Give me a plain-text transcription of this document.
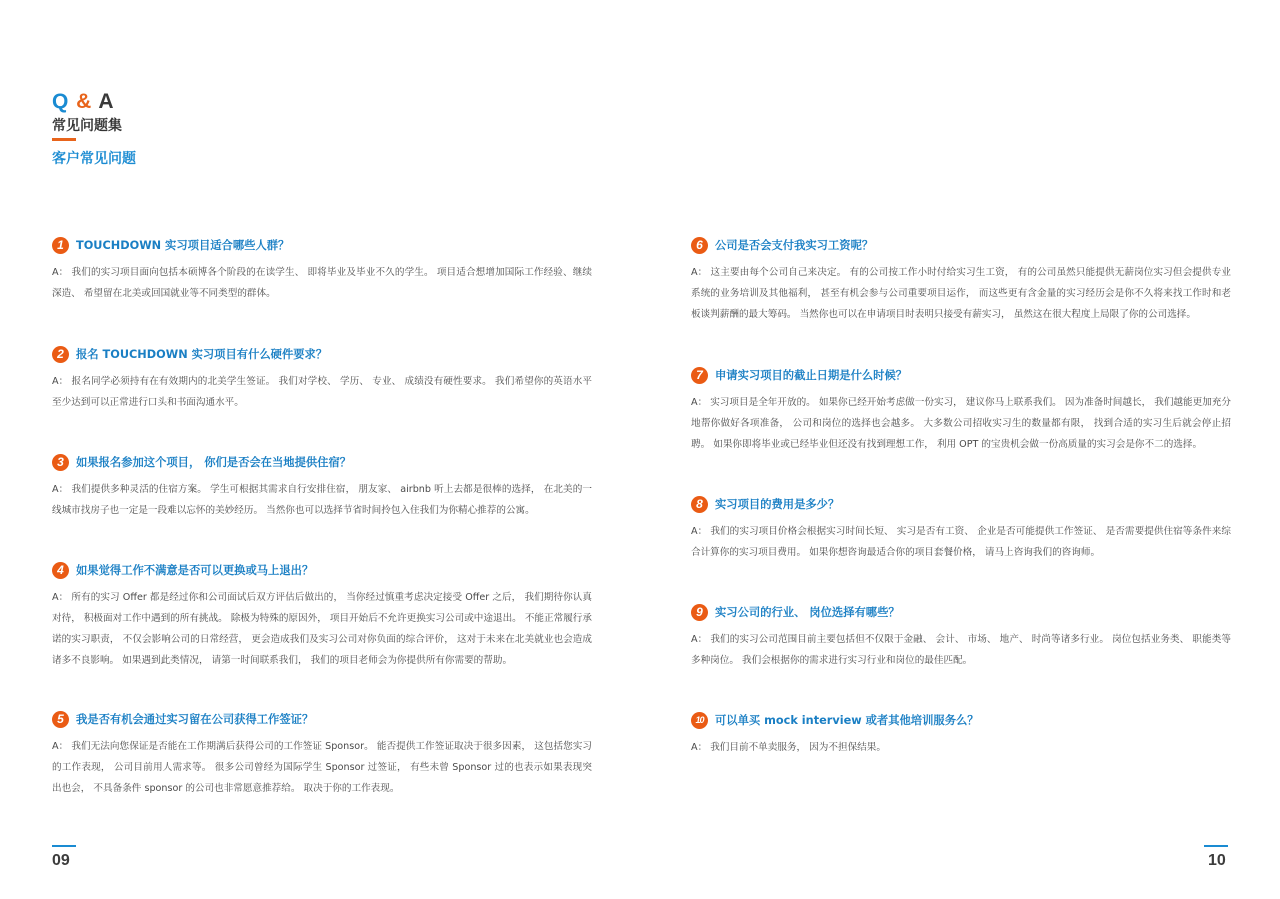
Q & A
常见问题集
客户常见问题
1	TOUCHDOWN 实习项目适合哪些人群？
A： 我们的实习项目面向包括本硕博各个阶段的在读学生、 即将毕业及毕业不久的学生。 项目适合想增加国际工作经验、继续深造、 希望留在北美或回国就业等不同类型的群体。
2	报名 TOUCHDOWN 实习项目有什么硬件要求？
A： 报名同学必须持有在有效期内的北美学生签证。 我们对学校、 学历、 专业、 成绩没有硬性要求。 我们希望你的英语水平至少达到可以正常进行口头和书面沟通水平。
3	如果报名参加这个项目， 你们是否会在当地提供住宿？
A： 我们提供多种灵活的住宿方案。 学生可根据其需求自行安排住宿， 朋友家、 airbnb 听上去都是很棒的选择， 在北美的一线城市找房子也一定是一段难以忘怀的美妙经历。 当然你也可以选择节省时间拎包入住我们为你精心推荐的公寓。
4	如果觉得工作不满意是否可以更换或马上退出？
A： 所有的实习 Offer 都是经过你和公司面试后双方评估后做出的， 当你经过慎重考虑决定接受 Offer 之后， 我们期待你认真对待， 积极面对工作中遇到的所有挑战。 除极为特殊的原因外， 项目开始后不允许更换实习公司或中途退出。 不能正常履行承诺的实习职责， 不仅会影响公司的日常经营， 更会造成我们及实习公司对你负面的综合评价， 这对于未来在北美就业也会造成诸多不良影响。 如果遇到此类情况， 请第一时间联系我们， 我们的项目老师会为你提供所有你需要的帮助。
5	我是否有机会通过实习留在公司获得工作签证？
A： 我们无法向您保证是否能在工作期满后获得公司的工作签证 Sponsor。 能否提供工作签证取决于很多因素， 这包括您实习的工作表现， 公司目前用人需求等。 很多公司曾经为国际学生 Sponsor 过签证， 有些未曾 Sponsor 过的也表示如果表现突出也会， 不具备条件 sponsor 的公司也非常愿意推荐给。 取决于你的工作表现。
09
6	公司是否会支付我实习工资呢？
A： 这主要由每个公司自己来决定。 有的公司按工作小时付给实习生工资， 有的公司虽然只能提供无薪岗位实习但会提供专业系统的业务培训及其他福利， 甚至有机会参与公司重要项目运作， 而这些更有含金量的实习经历会是你不久将来找工作时和老板谈判薪酬的最大筹码。 当然你也可以在申请项目时表明只接受有薪实习， 虽然这在很大程度上局限了你的公司选择。
7	申请实习项目的截止日期是什么时候？
A： 实习项目是全年开放的。 如果你已经开始考虑做一份实习， 建议你马上联系我们。 因为准备时间越长， 我们越能更加充分地帮你做好各项准备， 公司和岗位的选择也会越多。 大多数公司招收实习生的数量都有限， 找到合适的实习生后就会停止招聘。 如果你即将毕业或已经毕业但还没有找到理想工作， 利用 OPT 的宝贵机会做一份高质量的实习会是你不二的选择。
8	实习项目的费用是多少？
A： 我们的实习项目价格会根据实习时间长短、 实习是否有工资、 企业是否可能提供工作签证、 是否需要提供住宿等条件来综合计算你的实习项目费用。 如果你想咨询最适合你的项目套餐价格， 请马上咨询我们的咨询师。
9	实习公司的行业、 岗位选择有哪些？
A： 我们的实习公司范围目前主要包括但不仅限于金融、 会计、 市场、 地产、 时尚等诸多行业。 岗位包括业务类、 职能类等多种岗位。 我们会根据你的需求进行实习行业和岗位的最佳匹配。
10	可以单买 mock interview 或者其他培训服务么？
A： 我们目前不单卖服务， 因为不担保结果。
10
